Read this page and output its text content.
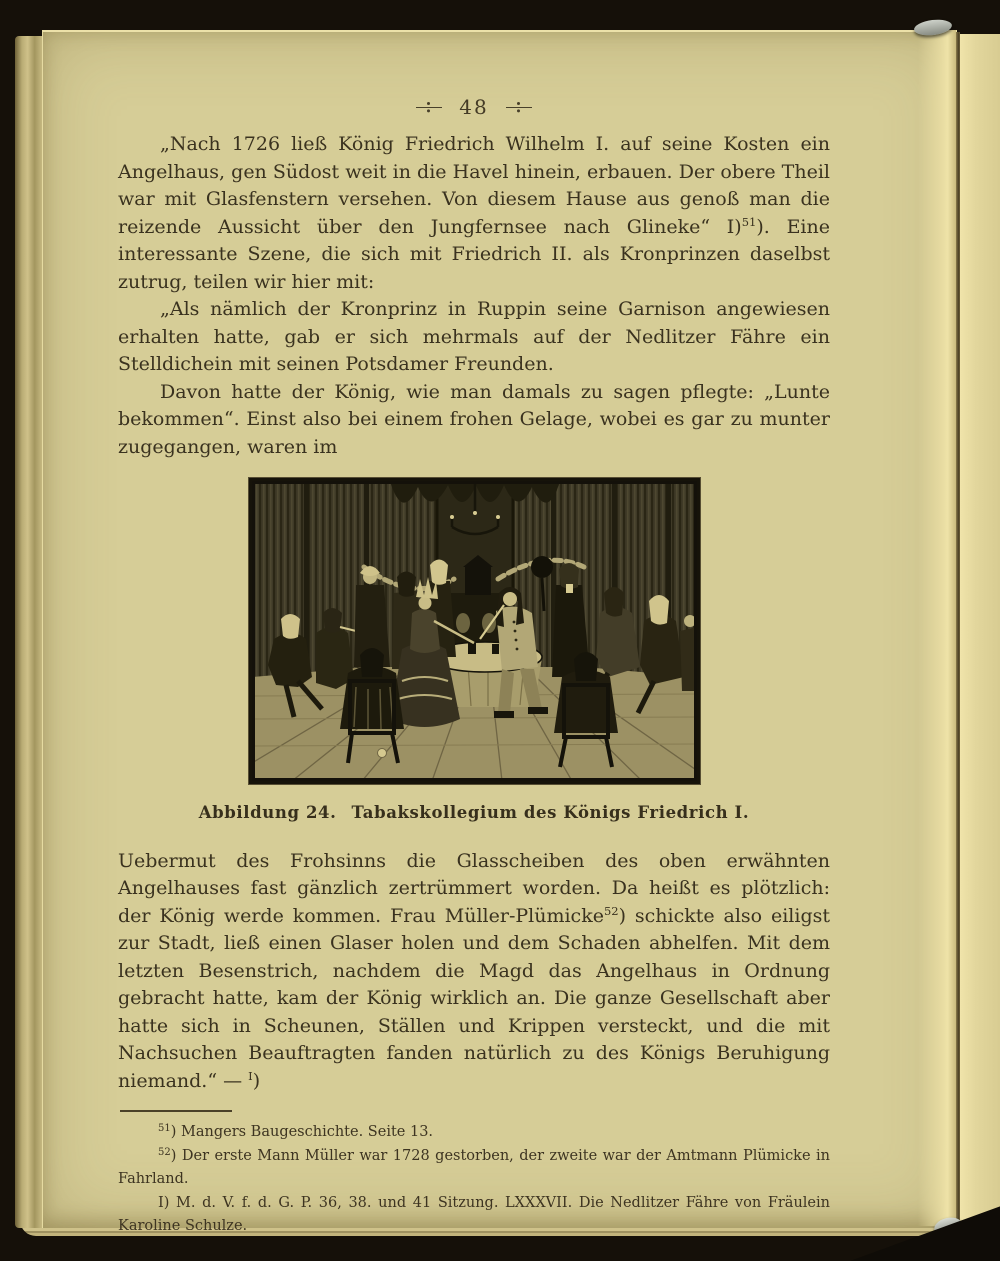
48

„Nach 1726 ließ König Friedrich Wilhelm I. auf seine Kosten ein Angelhaus, gen Südost weit in die Havel hinein, erbauen. Der obere Theil war mit Glasfenstern versehen. Von diesem Hause aus genoß man die reizende Aussicht über den Jungfernsee nach Glineke“ I)$^{51}$). Eine interessante Szene, die sich mit Friedrich II. als Kronprinzen daselbst zutrug, teilen wir hier mit:

„Als nämlich der Kronprinz in Ruppin seine Garnison angewiesen erhalten hatte, gab er sich mehrmals auf der Nedlitzer Fähre ein Stelldichein mit seinen Potsdamer Freunden.

Davon hatte der König, wie man damals zu sagen pflegte: „Lunte bekommen“. Einst also bei einem frohen Gelage, wobei es gar zu munter zugegangen, waren im

Abbildung 24. Tabakskollegium des Königs Friedrich I.

Uebermut des Frohsinns die Glasscheiben des oben erwähnten Angelhauses fast gänzlich zertrümmert worden. Da heißt es plötzlich: der König werde kommen. Frau Müller-Plümicke$^{52}$) schickte also eiligst zur Stadt, ließ einen Glaser holen und dem Schaden abhelfen. Mit dem letzten Besenstrich, nachdem die Magd das Angelhaus in Ordnung gebracht hatte, kam der König wirklich an. Die ganze Gesellschaft aber hatte sich in Scheunen, Ställen und Krippen versteckt, und die mit Nachsuchen Beauftragten fanden natürlich zu des Königs Beruhigung niemand.“ — $^I$)

$^{51}$) Mangers Baugeschichte. Seite 13.

$^{52}$) Der erste Mann Müller war 1728 gestorben, der zweite war der Amtmann Plümicke in Fahrland.

I) M. d. V. f. d. G. P. 36, 38. und 41 Sitzung. LXXXVII. Die Nedlitzer Fähre von Fräulein Karoline Schulze.
